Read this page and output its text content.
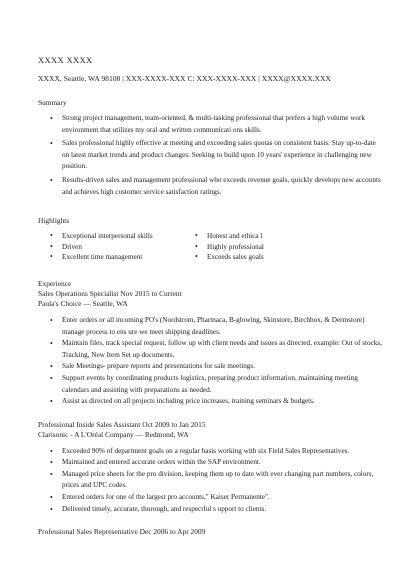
XXXX XXXX
XXXX, Seattle, WA 98108 | XXX-XXXX-XXX C: XXX-XXXX-XXX | XXXX@XXXX.XXX
Summary
• Strong project management, team-oriented, & multi-tasking professional that prefers a high volume work environment that utilizes my oral and written communicati ons skills.
• Sales professional highly effective at meeting and exceeding sales quotas on consistent basis. Stay up-to-date on latest market trends and product changes. Seeking to build upon 10 years' experience in challenging new position.
• Results-driven sales and management professional who exceeds revenue goals, quickly develops new accounts and achieves high customer service satisfaction ratings.
Highlights
• Exceptional interpersonal skills	• Honest and ethica l
• Driven	• Highly professional
• Excellent time management	• Exceeds sales goals
Experience
Sales Operations Specialist Nov 2015 to Current
Paula's Choice — Seattle, WA
• Enter orders or all incoming PO's (Nordstrom, Pharmaca, B-glowing, Skinstore, Birchbox, & Dermstore) manage process to ens ure we meet shipping deadlines.
• Maintain files, track special request, follow up with client needs and issues as directed, example: Out of stocks, Tracking, New Item Set up documents.
• Sale Meetings- prepare reports and presentations for sale meetings.
• Support events by coordinating products logistics, preparing product information, maintaining meeting calendars and assisting with preparations as needed.
• Assist as directed on all projects including price increases, training seminars & budgets.
Professional Inside Sales Assistant Oct 2009 to Jan 2015
Clarisonic - A L'Oréal Company — Redmond, WA
• Exceeded 90% of department goals on a regular basis working with six Field Sales Representatives.
• Maintained and entered accurate orders within the SAP environment.
• Managed price sheets for the pro division, keeping them up to date with ever changing part numbers, colors, prices and UPC codes.
• Entered orders for one of the largest pro accounts," Kaiser Permanente".
• Delivered timely, accurate, thorough, and respectful s upport to clients.
Professional Sales Representative Dec 2006 to Apr 2009
